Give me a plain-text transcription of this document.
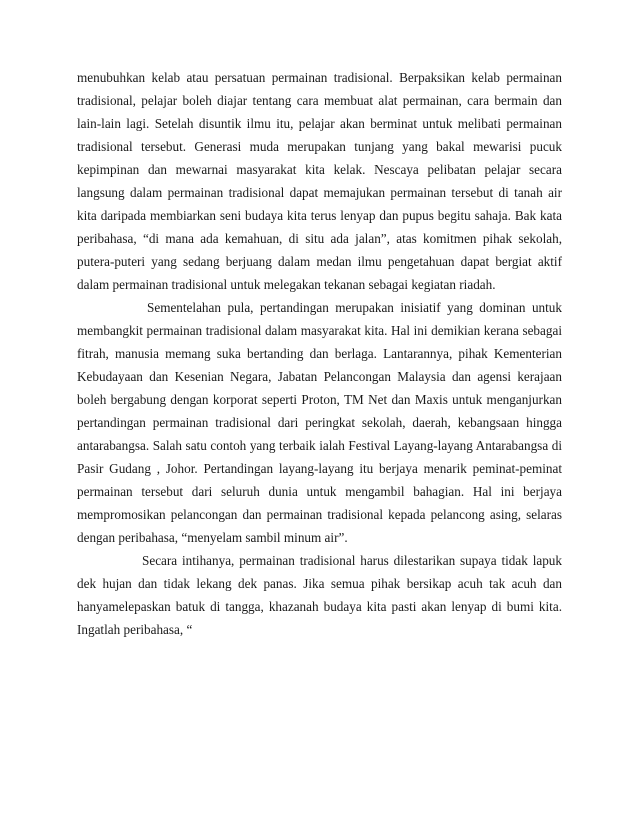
menubuhkan kelab atau persatuan permainan tradisional. Berpaksikan kelab permainan tradisional, pelajar boleh diajar tentang cara membuat alat permainan, cara bermain dan lain-lain lagi. Setelah disuntik ilmu itu, pelajar akan berminat untuk melibati permainan tradisional tersebut. Generasi muda merupakan tunjang yang bakal mewarisi pucuk kepimpinan dan mewarnai masyarakat kita kelak. Nescaya pelibatan pelajar secara langsung dalam permainan tradisional dapat memajukan permainan tersebut di tanah air kita daripada membiarkan seni budaya kita terus lenyap dan pupus begitu sahaja. Bak kata peribahasa, “di mana ada kemahuan, di situ ada jalan”, atas komitmen pihak sekolah, putera-puteri yang sedang berjuang dalam medan ilmu pengetahuan dapat bergiat aktif dalam permainan tradisional untuk melegakan tekanan sebagai kegiatan riadah.

Sementelahan pula, pertandingan merupakan inisiatif yang dominan untuk membangkit permainan tradisional dalam masyarakat kita. Hal ini demikian kerana sebagai fitrah, manusia memang suka bertanding dan berlaga. Lantarannya, pihak Kementerian Kebudayaan dan Kesenian Negara, Jabatan Pelancongan Malaysia dan agensi kerajaan boleh bergabung dengan korporat seperti Proton, TM Net dan Maxis untuk menganjurkan pertandingan permainan tradisional dari peringkat sekolah, daerah, kebangsaan hingga antarabangsa. Salah satu contoh yang terbaik ialah Festival Layang-layang Antarabangsa di Pasir Gudang , Johor. Pertandingan layang-layang itu berjaya menarik peminat-peminat permainan tersebut dari seluruh dunia untuk mengambil bahagian. Hal ini berjaya mempromosikan pelancongan dan permainan tradisional kepada pelancong asing, selaras dengan peribahasa, “menyelam sambil minum air”.

Secara intihanya, permainan tradisional harus dilestarikan supaya tidak lapuk dek hujan dan tidak lekang dek panas. Jika semua pihak bersikap acuh tak acuh dan hanyamelepaskan batuk di tangga, khazanah budaya kita pasti akan lenyap di bumi kita. Ingatlah peribahasa, “
